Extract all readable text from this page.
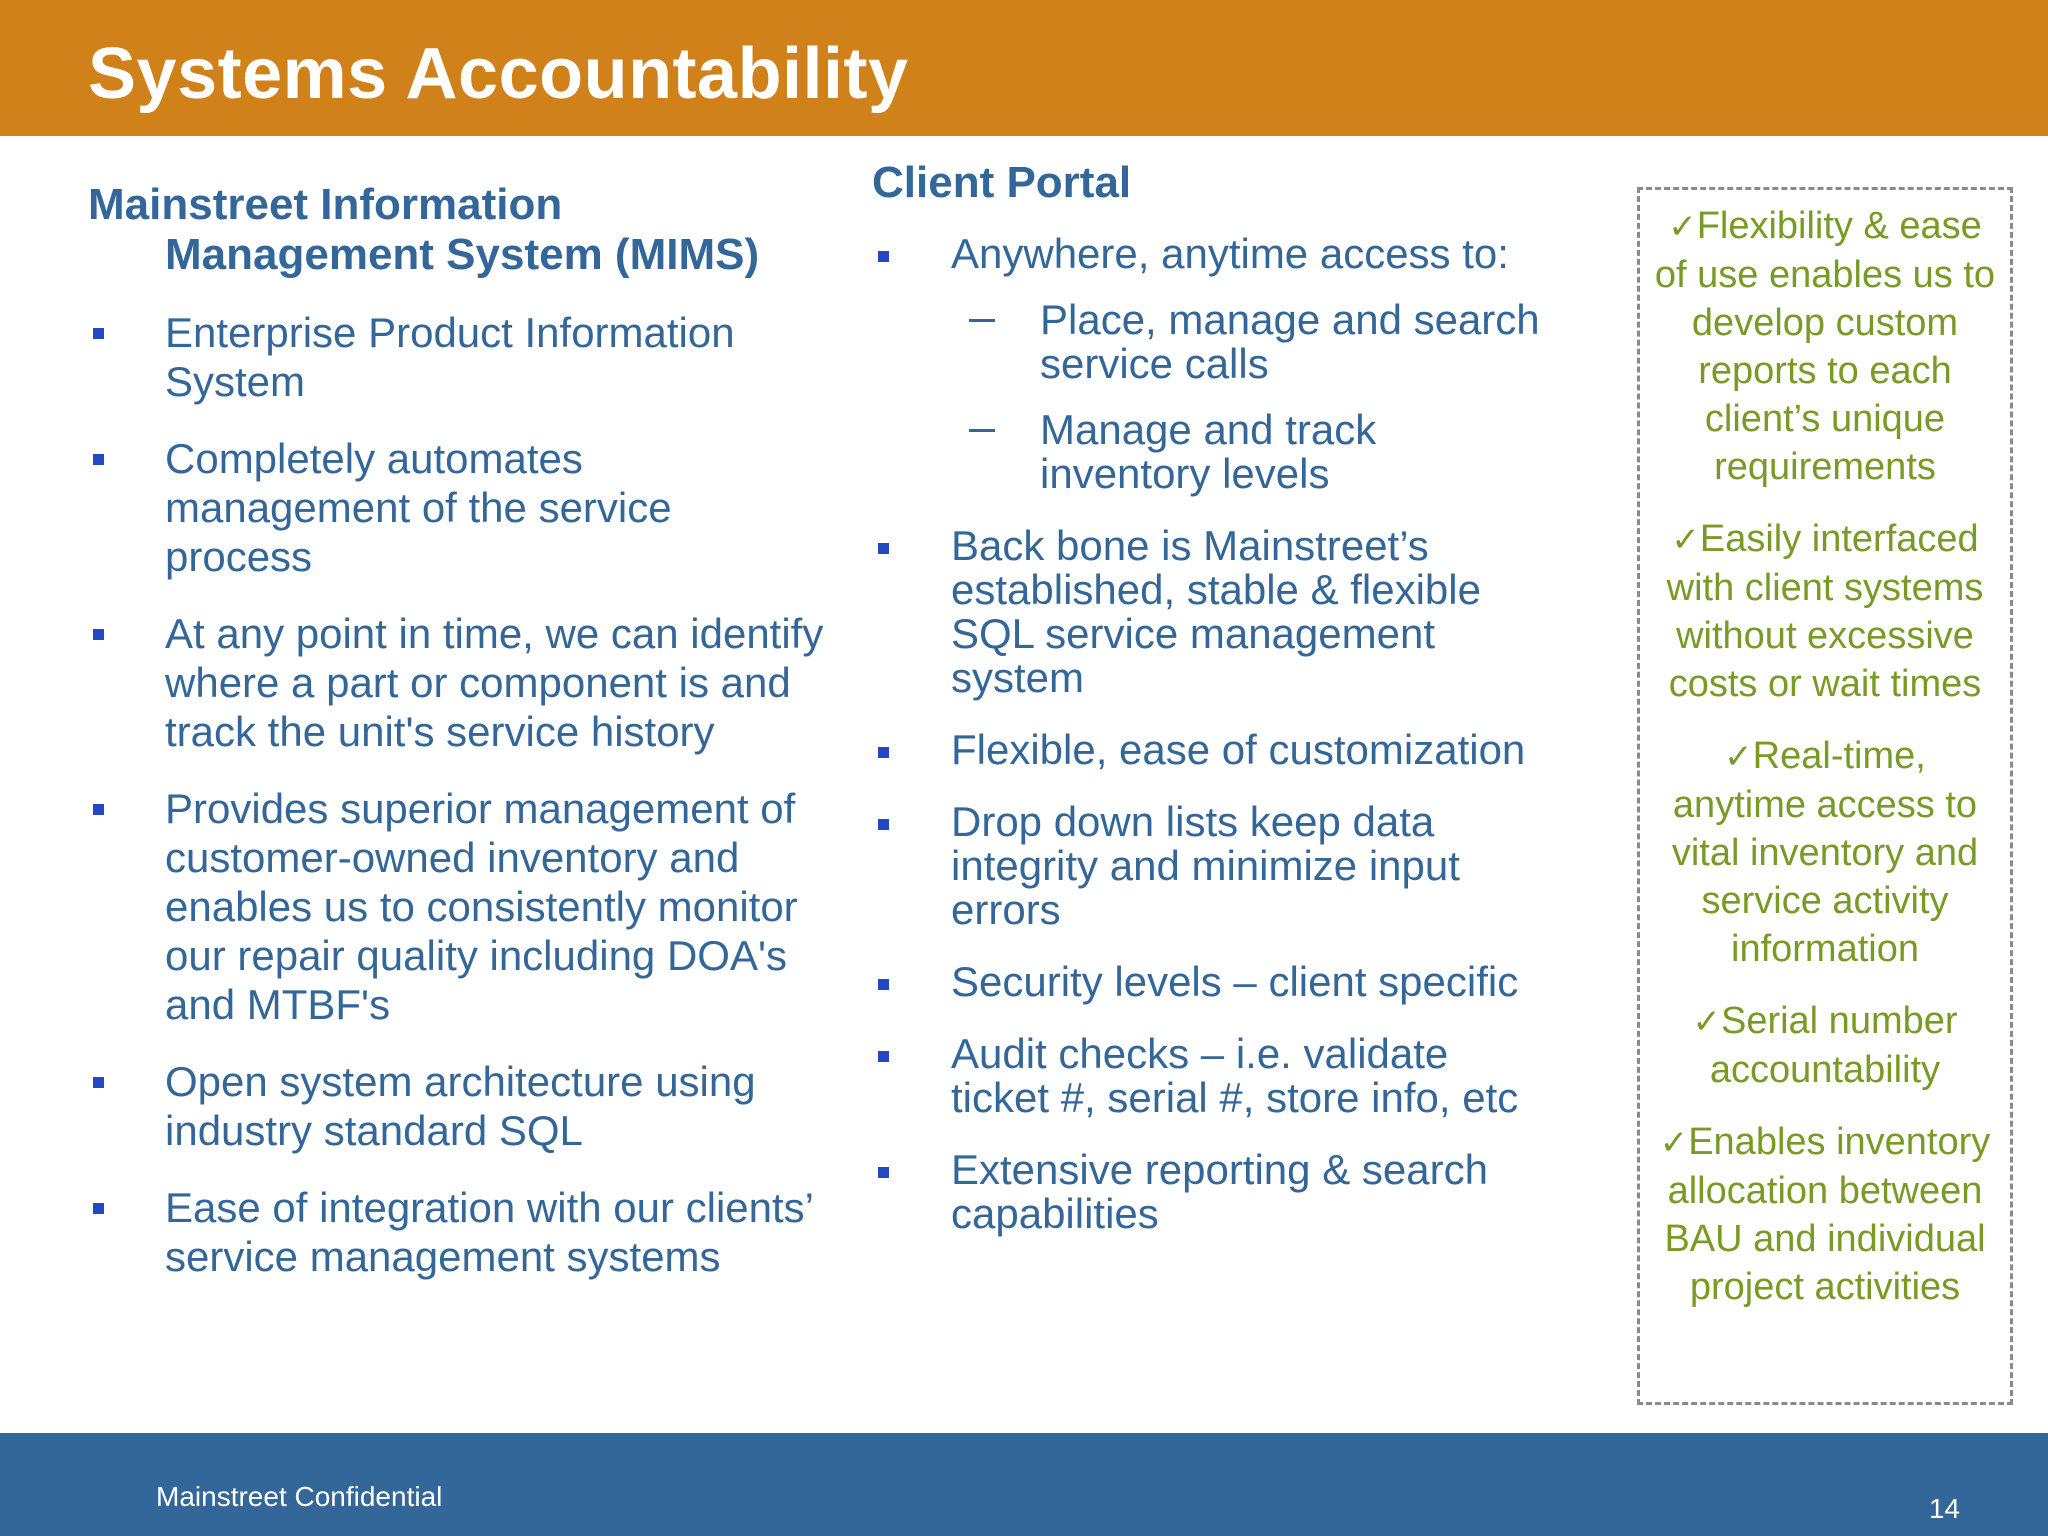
Systems Accountability

Mainstreet Information Management System (MIMS)

Enterprise Product Information System
Completely automates management of the service process
At any point in time, we can identify where a part or component is and track the unit's service history
Provides superior management of customer-owned inventory and enables us to consistently monitor our repair quality including DOA's and MTBF's
Open system architecture using industry standard SQL
Ease of integration with our clients’ service management systems

Client Portal

Anywhere, anytime access to:
Place, manage and search service calls
Manage and track inventory levels
Back bone is Mainstreet’s established, stable & flexible SQL service management system
Flexible, ease of customization
Drop down lists keep data integrity and minimize input errors
Security levels – client specific
Audit checks – i.e. validate ticket #, serial #, store info, etc
Extensive reporting & search capabilities

✓Flexibility & ease of use enables us to develop custom reports to each client’s unique requirements

✓Easily interfaced with client systems without excessive costs or wait times

✓Real-time, anytime access to vital inventory and service activity information

✓Serial number accountability

✓Enables inventory allocation between BAU and individual project activities

Mainstreet Confidential	14
